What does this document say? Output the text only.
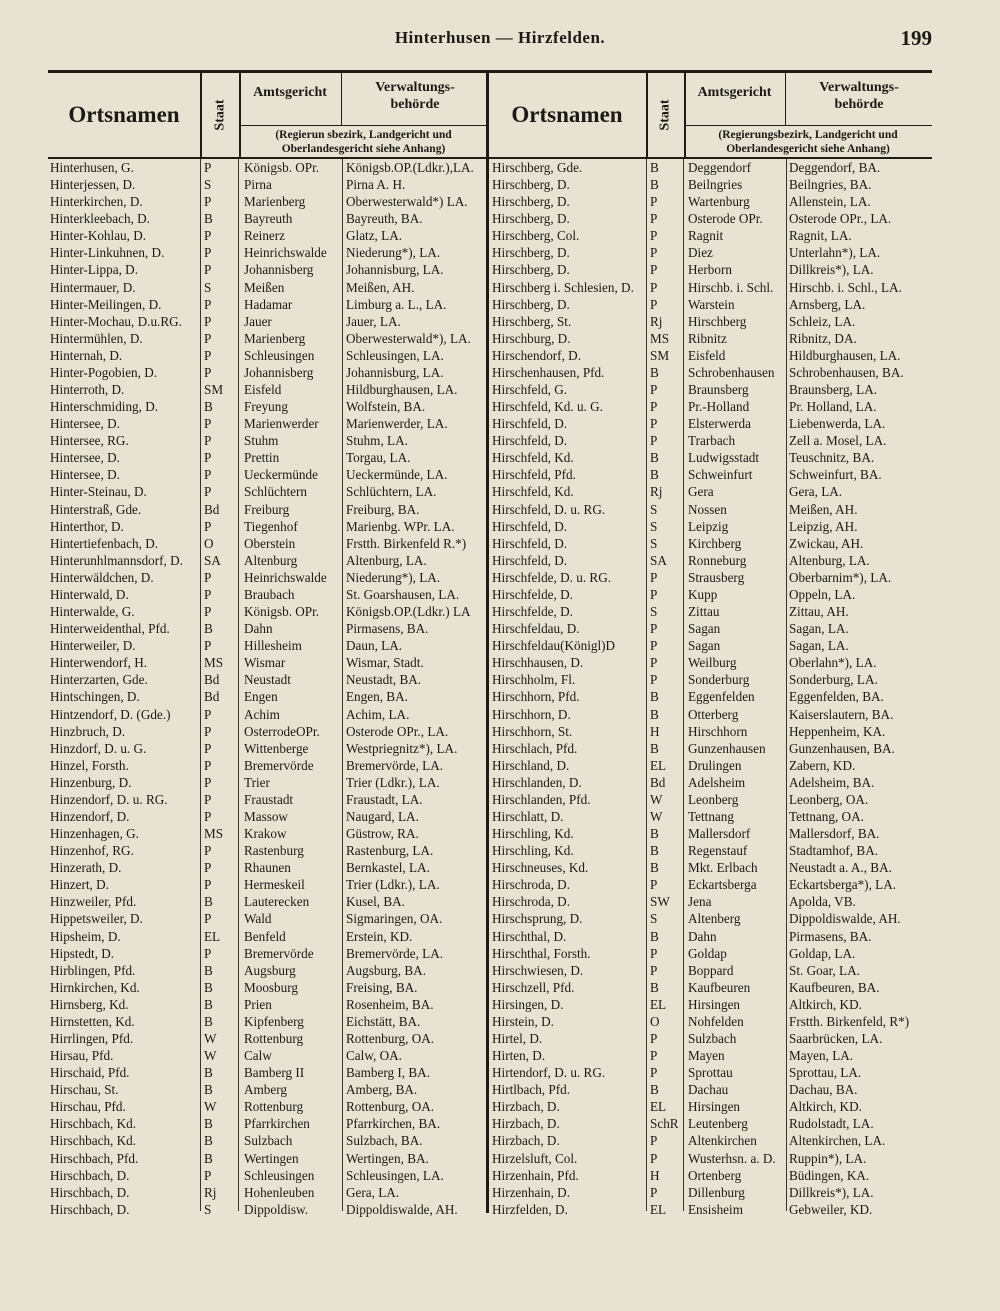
Hinterhusen — Hirzfelden.	199
Ortsnamen	Staat
Amtsgericht	Verwaltungs-
behörde
(Regierun sbezirk, Landgericht und
Oberlandesgericht siehe Anhang)
Hinterhusen, G.	P	Königsb. OPr.	Königsb.OP.(Ldkr.),LA.
Hinterjessen, D.	S	Pirna	Pirna A. H.
Hinterkirchen, D.	P	Marienberg	Oberwesterwald*) LA.
Hinterkleebach, D.	B	Bayreuth	Bayreuth, BA.
Hinter-Kohlau, D.	P	Reinerz	Glatz, LA.
Hinter-Linkuhnen, D.	P	Heinrichswalde	Niederung*), LA.
Hinter-Lippa, D.	P	Johannisberg	Johannisburg, LA.
Hintermauer, D.	S	Meißen	Meißen, AH.
Hinter-Meilingen, D.	P	Hadamar	Limburg a. L., LA.
Hinter-Mochau, D.u.RG.	P	Jauer	Jauer, LA.
Hintermühlen, D.	P	Marienberg	Oberwesterwald*), LA.
Hinternah, D.	P	Schleusingen	Schleusingen, LA.
Hinter-Pogobien, D.	P	Johannisberg	Johannisburg, LA.
Hinterroth, D.	SM	Eisfeld	Hildburghausen, LA.
Hinterschmiding, D.	B	Freyung	Wolfstein, BA.
Hintersee, D.	P	Marienwerder	Marienwerder, LA.
Hintersee, RG.	P	Stuhm	Stuhm, LA.
Hintersee, D.	P	Prettin	Torgau, LA.
Hintersee, D.	P	Ueckermünde	Ueckermünde, LA.
Hinter-Steinau, D.	P	Schlüchtern	Schlüchtern, LA.
Hinterstraß, Gde.	Bd	Freiburg	Freiburg, BA.
Hinterthor, D.	P	Tiegenhof	Marienbg. WPr. LA.
Hintertiefenbach, D.	O	Oberstein	Frstth. Birkenfeld R.*)
Hinterunhlmannsdorf, D.	SA	Altenburg	Altenburg, LA.
Hinterwäldchen, D.	P	Heinrichswalde	Niederung*), LA.
Hinterwald, D.	P	Braubach	St. Goarshausen, LA.
Hinterwalde, G.	P	Königsb. OPr.	Königsb.OP.(Ldkr.) LA
Hinterweidenthal, Pfd.	B	Dahn	Pirmasens, BA.
Hinterweiler, D.	P	Hillesheim	Daun, LA.
Hinterwendorf, H.	MS	Wismar	Wismar, Stadt.
Hinterzarten, Gde.	Bd	Neustadt	Neustadt, BA.
Hintschingen, D.	Bd	Engen	Engen, BA.
Hintzendorf, D. (Gde.)	P	Achim	Achim, LA.
Hinzbruch, D.	P	OsterrodeOPr.	Osterode OPr., LA.
Hinzdorf, D. u. G.	P	Wittenberge	Westpriegnitz*), LA.
Hinzel, Forsth.	P	Bremervörde	Bremervörde, LA.
Hinzenburg, D.	P	Trier	Trier (Ldkr.), LA.
Hinzendorf, D. u. RG.	P	Fraustadt	Fraustadt, LA.
Hinzendorf, D.	P	Massow	Naugard, LA.
Hinzenhagen, G.	MS	Krakow	Güstrow, RA.
Hinzenhof, RG.	P	Rastenburg	Rastenburg, LA.
Hinzerath, D.	P	Rhaunen	Bernkastel, LA.
Hinzert, D.	P	Hermeskeil	Trier (Ldkr.), LA.
Hinzweiler, Pfd.	B	Lauterecken	Kusel, BA.
Hippetsweiler, D.	P	Wald	Sigmaringen, OA.
Hipsheim, D.	EL	Benfeld	Erstein, KD.
Hipstedt, D.	P	Bremervörde	Bremervörde, LA.
Hirblingen, Pfd.	B	Augsburg	Augsburg, BA.
Hirnkirchen, Kd.	B	Moosburg	Freising, BA.
Hirnsberg, Kd.	B	Prien	Rosenheim, BA.
Hirnstetten, Kd.	B	Kipfenberg	Eichstätt, BA.
Hirrlingen, Pfd.	W	Rottenburg	Rottenburg, OA.
Hirsau, Pfd.	W	Calw	Calw, OA.
Hirschaid, Pfd.	B	Bamberg II	Bamberg I, BA.
Hirschau, St.	B	Amberg	Amberg, BA.
Hirschau, Pfd.	W	Rottenburg	Rottenburg, OA.
Hirschbach, Kd.	B	Pfarrkirchen	Pfarrkirchen, BA.
Hirschbach, Kd.	B	Sulzbach	Sulzbach, BA.
Hirschbach, Pfd.	B	Wertingen	Wertingen, BA.
Hirschbach, D.	P	Schleusingen	Schleusingen, LA.
Hirschbach, D.	Rj	Hohenleuben	Gera, LA.
Hirschbach, D.	S	Dippoldisw.	Dippoldiswalde, AH.
Ortsnamen	Staat
Amtsgericht	Verwaltungs-
behörde
(Regierungsbezirk, Landgericht und
Oberlandesgericht siehe Anhang)
Hirschberg, Gde.	B	Deggendorf	Deggendorf, BA.
Hirschberg, D.	B	Beilngries	Beilngries, BA.
Hirschberg, D.	P	Wartenburg	Allenstein, LA.
Hirschberg, D.	P	Osterode OPr.	Osterode OPr., LA.
Hirschberg, Col.	P	Ragnit	Ragnit, LA.
Hirschberg, D.	P	Diez	Unterlahn*), LA.
Hirschberg, D.	P	Herborn	Dillkreis*), LA.
Hirschberg i. Schlesien, D.	P	Hirschb. i. Schl.	Hirschb. i. Schl., LA.
Hirschberg, D.	P	Warstein	Arnsberg, LA.
Hirschberg, St.	Rj	Hirschberg	Schleiz, LA.
Hirschburg, D.	MS	Ribnitz	Ribnitz, DA.
Hirschendorf, D.	SM	Eisfeld	Hildburghausen, LA.
Hirschenhausen, Pfd.	B	Schrobenhausen	Schrobenhausen, BA.
Hirschfeld, G.	P	Braunsberg	Braunsberg, LA.
Hirschfeld, Kd. u. G.	P	Pr.-Holland	Pr. Holland, LA.
Hirschfeld, D.	P	Elsterwerda	Liebenwerda, LA.
Hirschfeld, D.	P	Trarbach	Zell a. Mosel, LA.
Hirschfeld, Kd.	B	Ludwigsstadt	Teuschnitz, BA.
Hirschfeld, Pfd.	B	Schweinfurt	Schweinfurt, BA.
Hirschfeld, Kd.	Rj	Gera	Gera, LA.
Hirschfeld, D. u. RG.	S	Nossen	Meißen, AH.
Hirschfeld, D.	S	Leipzig	Leipzig, AH.
Hirschfeld, D.	S	Kirchberg	Zwickau, AH.
Hirschfeld, D.	SA	Ronneburg	Altenburg, LA.
Hirschfelde, D. u. RG.	P	Strausberg	Oberbarnim*), LA.
Hirschfelde, D.	P	Kupp	Oppeln, LA.
Hirschfelde, D.	S	Zittau	Zittau, AH.
Hirschfeldau, D.	P	Sagan	Sagan, LA.
Hirschfeldau(Königl)D	P	Sagan	Sagan, LA.
Hirschhausen, D.	P	Weilburg	Oberlahn*), LA.
Hirschholm, Fl.	P	Sonderburg	Sonderburg, LA.
Hirschhorn, Pfd.	B	Eggenfelden	Eggenfelden, BA.
Hirschhorn, D.	B	Otterberg	Kaiserslautern, BA.
Hirschhorn, St.	H	Hirschhorn	Heppenheim, KA.
Hirschlach, Pfd.	B	Gunzenhausen	Gunzenhausen, BA.
Hirschland, D.	EL	Drulingen	Zabern, KD.
Hirschlanden, D.	Bd	Adelsheim	Adelsheim, BA.
Hirschlanden, Pfd.	W	Leonberg	Leonberg, OA.
Hirschlatt, D.	W	Tettnang	Tettnang, OA.
Hirschling, Kd.	B	Mallersdorf	Mallersdorf, BA.
Hirschling, Kd.	B	Regenstauf	Stadtamhof, BA.
Hirschneuses, Kd.	B	Mkt. Erlbach	Neustadt a. A., BA.
Hirschroda, D.	P	Eckartsberga	Eckartsberga*), LA.
Hirschroda, D.	SW	Jena	Apolda, VB.
Hirschsprung, D.	S	Altenberg	Dippoldiswalde, AH.
Hirschthal, D.	B	Dahn	Pirmasens, BA.
Hirschthal, Forsth.	P	Goldap	Goldap, LA.
Hirschwiesen, D.	P	Boppard	St. Goar, LA.
Hirschzell, Pfd.	B	Kaufbeuren	Kaufbeuren, BA.
Hirsingen, D.	EL	Hirsingen	Altkirch, KD.
Hirstein, D.	O	Nohfelden	Frstth. Birkenfeld, R*)
Hirtel, D.	P	Sulzbach	Saarbrücken, LA.
Hirten, D.	P	Mayen	Mayen, LA.
Hirtendorf, D. u. RG.	P	Sprottau	Sprottau, LA.
Hirtlbach, Pfd.	B	Dachau	Dachau, BA.
Hirzbach, D.	EL	Hirsingen	Altkirch, KD.
Hirzbach, D.	SchR Leutenberg	Rudolstadt, LA.
Hirzbach, D.	P	Altenkirchen	Altenkirchen, LA.
Hirzelsluft, Col.	P	Wusterhsn. a. D.	Ruppin*), LA.
Hirzenhain, Pfd.	H	Ortenberg	Büdingen, KA.
Hirzenhain, D.	P	Dillenburg	Dillkreis*), LA.
Hirzfelden, D.	EL	Ensisheim	Gebweiler, KD.
